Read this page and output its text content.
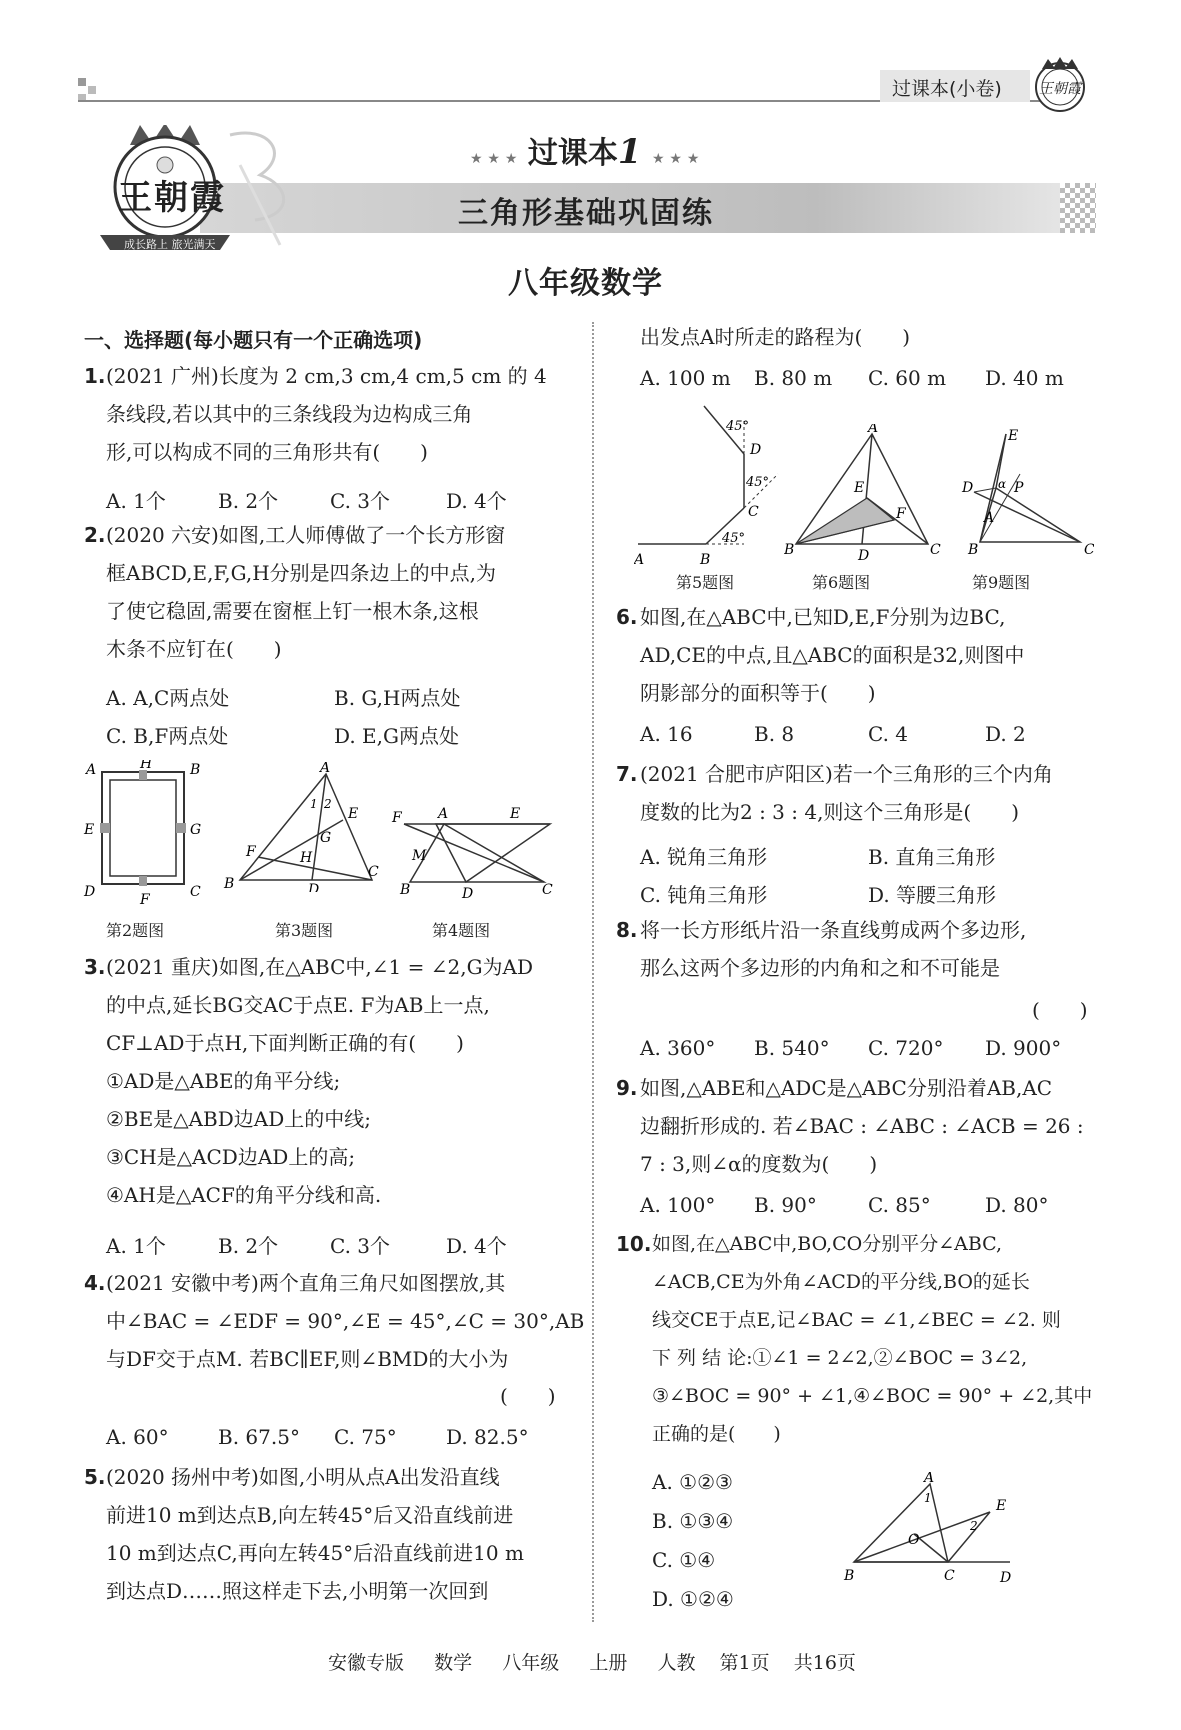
过课本(小卷)	王朝霞
王朝霞
成长路上 旅光满天
★ ★ ★ 过课本1 ★ ★ ★
三角形基础巩固练
八年级数学
一、选择题(每小题只有一个正确选项)
1. (2021 广州)长度为 2 cm,3 cm,4 cm,5 cm 的 4
条线段,若以其中的三条线段为边构成三角
形,可以构成不同的三角形共有(　　)
A. 1个	B. 2个	C. 3个	D. 4个
2. (2020 六安)如图,工人师傅做了一个长方形窗
框ABCD,E,F,G,H分别是四条边上的中点,为
了使它稳固,需要在窗框上钉一根木条,这根
木条不应钉在(　　)
A. A,C两点处	B. G,H两点处
C. B,F两点处	D. E,G两点处
A	H	B
E	G
D	F	C
A
B
C
D
E
F
G
H
1 2
F	A	E
M
B	D	C
第2题图	第3题图	第4题图
3. (2021 重庆)如图,在△ABC中,∠1 = ∠2,G为AD
的中点,延长BG交AC于点E. F为AB上一点,
CF⊥AD于点H,下面判断正确的有(　　)
①AD是△ABE的角平分线;
②BE是△ABD边AD上的中线;
③CH是△ACD边AD上的高;
④AH是△ACF的角平分线和高.
A. 1个	B. 2个	C. 3个	D. 4个
4. (2021 安徽中考)两个直角三角尺如图摆放,其
中∠BAC = ∠EDF = 90°,∠E = 45°,∠C = 30°,AB
与DF交于点M. 若BC∥EF,则∠BMD的大小为
(　　)
A. 60° B. 67.5° C. 75° D. 82.5°
5. (2020 扬州中考)如图,小明从点A出发沿直线
前进10 m到达点B,向左转45°后又沿直线前进
10 m到达点C,再向左转45°后沿直线前进10 m
到达点D……照这样走下去,小明第一次回到
出发点A时所走的路程为(　　)
A. 100 m B. 80 m C. 60 m D. 40 m
45°
45°
45°
A	B
C
D
A
B	C
D
E
F
E
D α P
A
B	C
第5题图	第6题图	第9题图
6. 如图,在△ABC中,已知D,E,F分别为边BC,
AD,CE的中点,且△ABC的面积是32,则图中
阴影部分的面积等于(　　)
A. 16	B. 8	C. 4	D. 2
7. (2021 合肥市庐阳区)若一个三角形的三个内角
度数的比为2 : 3 : 4,则这个三角形是(　　)
A. 锐角三角形	B. 直角三角形
C. 钝角三角形	D. 等腰三角形
8. 将一长方形纸片沿一条直线剪成两个多边形,
那么这两个多边形的内角和之和不可能是
(　　)
A. 360° B. 540° C. 720° D. 900°
9. 如图,△ABE和△ADC是△ABC分别沿着AB,AC
边翻折形成的. 若∠BAC : ∠ABC : ∠ACB = 26 :
7 : 3,则∠α的度数为(　　)
A. 100° B. 90°	C. 85°	D. 80°
10. 如图,在△ABC中,BO,CO分别平分∠ABC,
∠ACB,CE为外角∠ACD的平分线,BO的延长
线交CE于点E,记∠BAC = ∠1,∠BEC = ∠2. 则
下 列 结 论:①∠1 = 2∠2,②∠BOC = 3∠2,
③∠BOC = 90° + ∠1,④∠BOC = 90° + ∠2,其中
正确的是(　　)
A. ①②③
B. ①③④
C. ①④
D. ①②④
A
1
O
2
E
B	C	D
安徽专版 数学 八年级 上册 人教 第1页 共16页
